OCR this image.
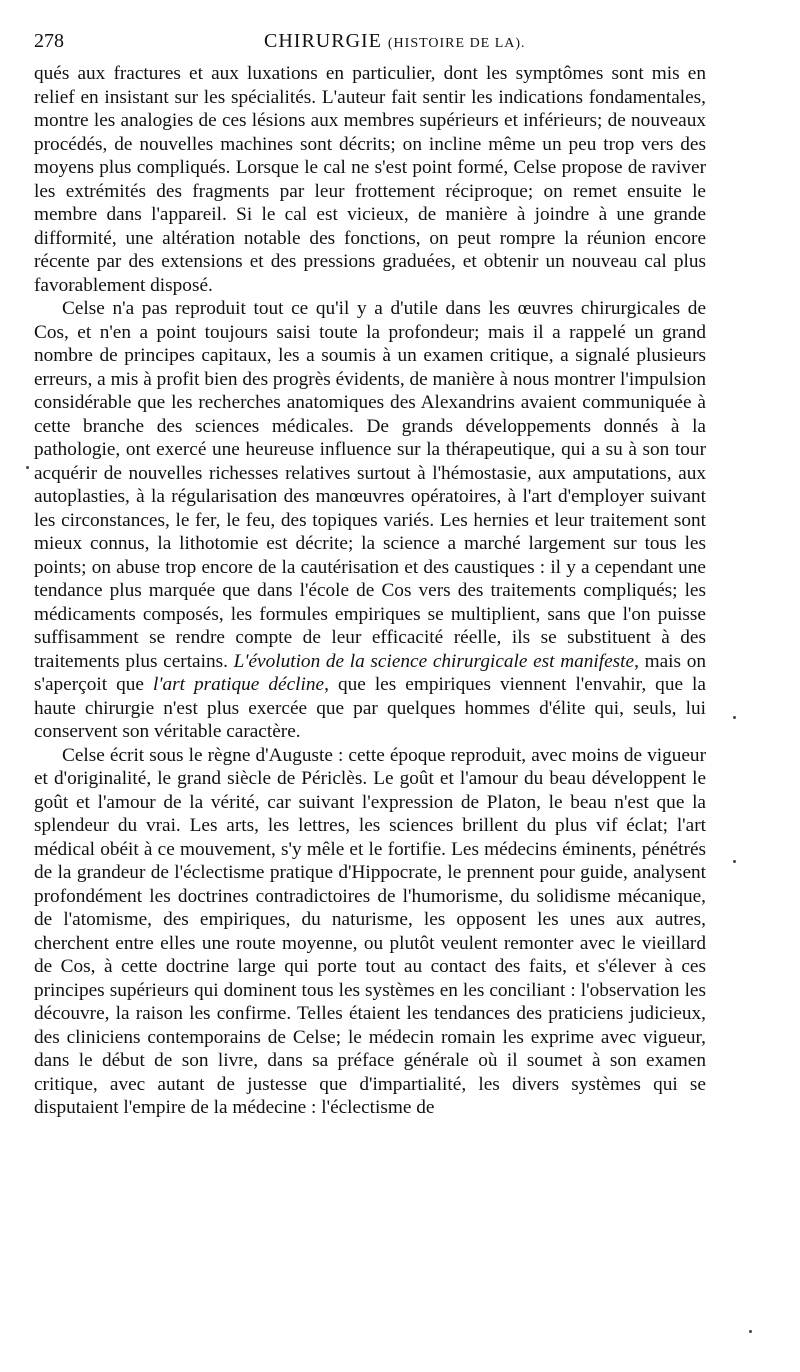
278	CHIRURGIE (HISTOIRE DE LA).

qués aux fractures et aux luxations en particulier, dont les symptômes sont mis en relief en insistant sur les spécialités. L'auteur fait sentir les indications fondamentales, montre les analogies de ces lésions aux membres supérieurs et inférieurs; de nouveaux procédés, de nouvelles machines sont décrits; on incline même un peu trop vers des moyens plus compliqués. Lorsque le cal ne s'est point formé, Celse propose de raviver les extrémités des fragments par leur frottement réciproque; on remet ensuite le membre dans l'appareil. Si le cal est vicieux, de manière à joindre à une grande difformité, une altération notable des fonctions, on peut rompre la réunion encore récente par des extensions et des pressions graduées, et obtenir un nouveau cal plus favorablement disposé.

Celse n'a pas reproduit tout ce qu'il y a d'utile dans les œuvres chirurgicales de Cos, et n'en a point toujours saisi toute la profondeur; mais il a rappelé un grand nombre de principes capitaux, les a soumis à un examen critique, a signalé plusieurs erreurs, a mis à profit bien des progrès évidents, de manière à nous montrer l'impulsion considérable que les recherches anatomiques des Alexandrins avaient communiquée à cette branche des sciences médicales. De grands développements donnés à la pathologie, ont exercé une heureuse influence sur la thérapeutique, qui a su à son tour acquérir de nouvelles richesses relatives surtout à l'hémostasie, aux amputations, aux autoplasties, à la régularisation des manœuvres opératoires, à l'art d'employer suivant les circonstances, le fer, le feu, des topiques variés. Les hernies et leur traitement sont mieux connus, la lithotomie est décrite; la science a marché largement sur tous les points; on abuse trop encore de la cautérisation et des caustiques : il y a cependant une tendance plus marquée que dans l'école de Cos vers des traitements compliqués; les médicaments composés, les formules empiriques se multiplient, sans que l'on puisse suffisamment se rendre compte de leur efficacité réelle, ils se substituent à des traitements plus certains. L'évolution de la science chirurgicale est manifeste, mais on s'aperçoit que l'art pratique décline, que les empiriques viennent l'envahir, que la haute chirurgie n'est plus exercée que par quelques hommes d'élite qui, seuls, lui conservent son véritable caractère.

Celse écrit sous le règne d'Auguste : cette époque reproduit, avec moins de vigueur et d'originalité, le grand siècle de Périclès. Le goût et l'amour du beau développent le goût et l'amour de la vérité, car suivant l'expression de Platon, le beau n'est que la splendeur du vrai. Les arts, les lettres, les sciences brillent du plus vif éclat; l'art médical obéit à ce mouvement, s'y mêle et le fortifie. Les médecins éminents, pénétrés de la grandeur de l'éclectisme pratique d'Hippocrate, le prennent pour guide, analysent profondément les doctrines contradictoires de l'humorisme, du solidisme mécanique, de l'atomisme, des empiriques, du naturisme, les opposent les unes aux autres, cherchent entre elles une route moyenne, ou plutôt veulent remonter avec le vieillard de Cos, à cette doctrine large qui porte tout au contact des faits, et s'élever à ces principes supérieurs qui dominent tous les systèmes en les conciliant : l'observation les découvre, la raison les confirme. Telles étaient les tendances des praticiens judicieux, des cliniciens contemporains de Celse; le médecin romain les exprime avec vigueur, dans le début de son livre, dans sa préface générale où il soumet à son examen critique, avec autant de justesse que d'impartialité, les divers systèmes qui se disputaient l'empire de la médecine : l'éclectisme de
